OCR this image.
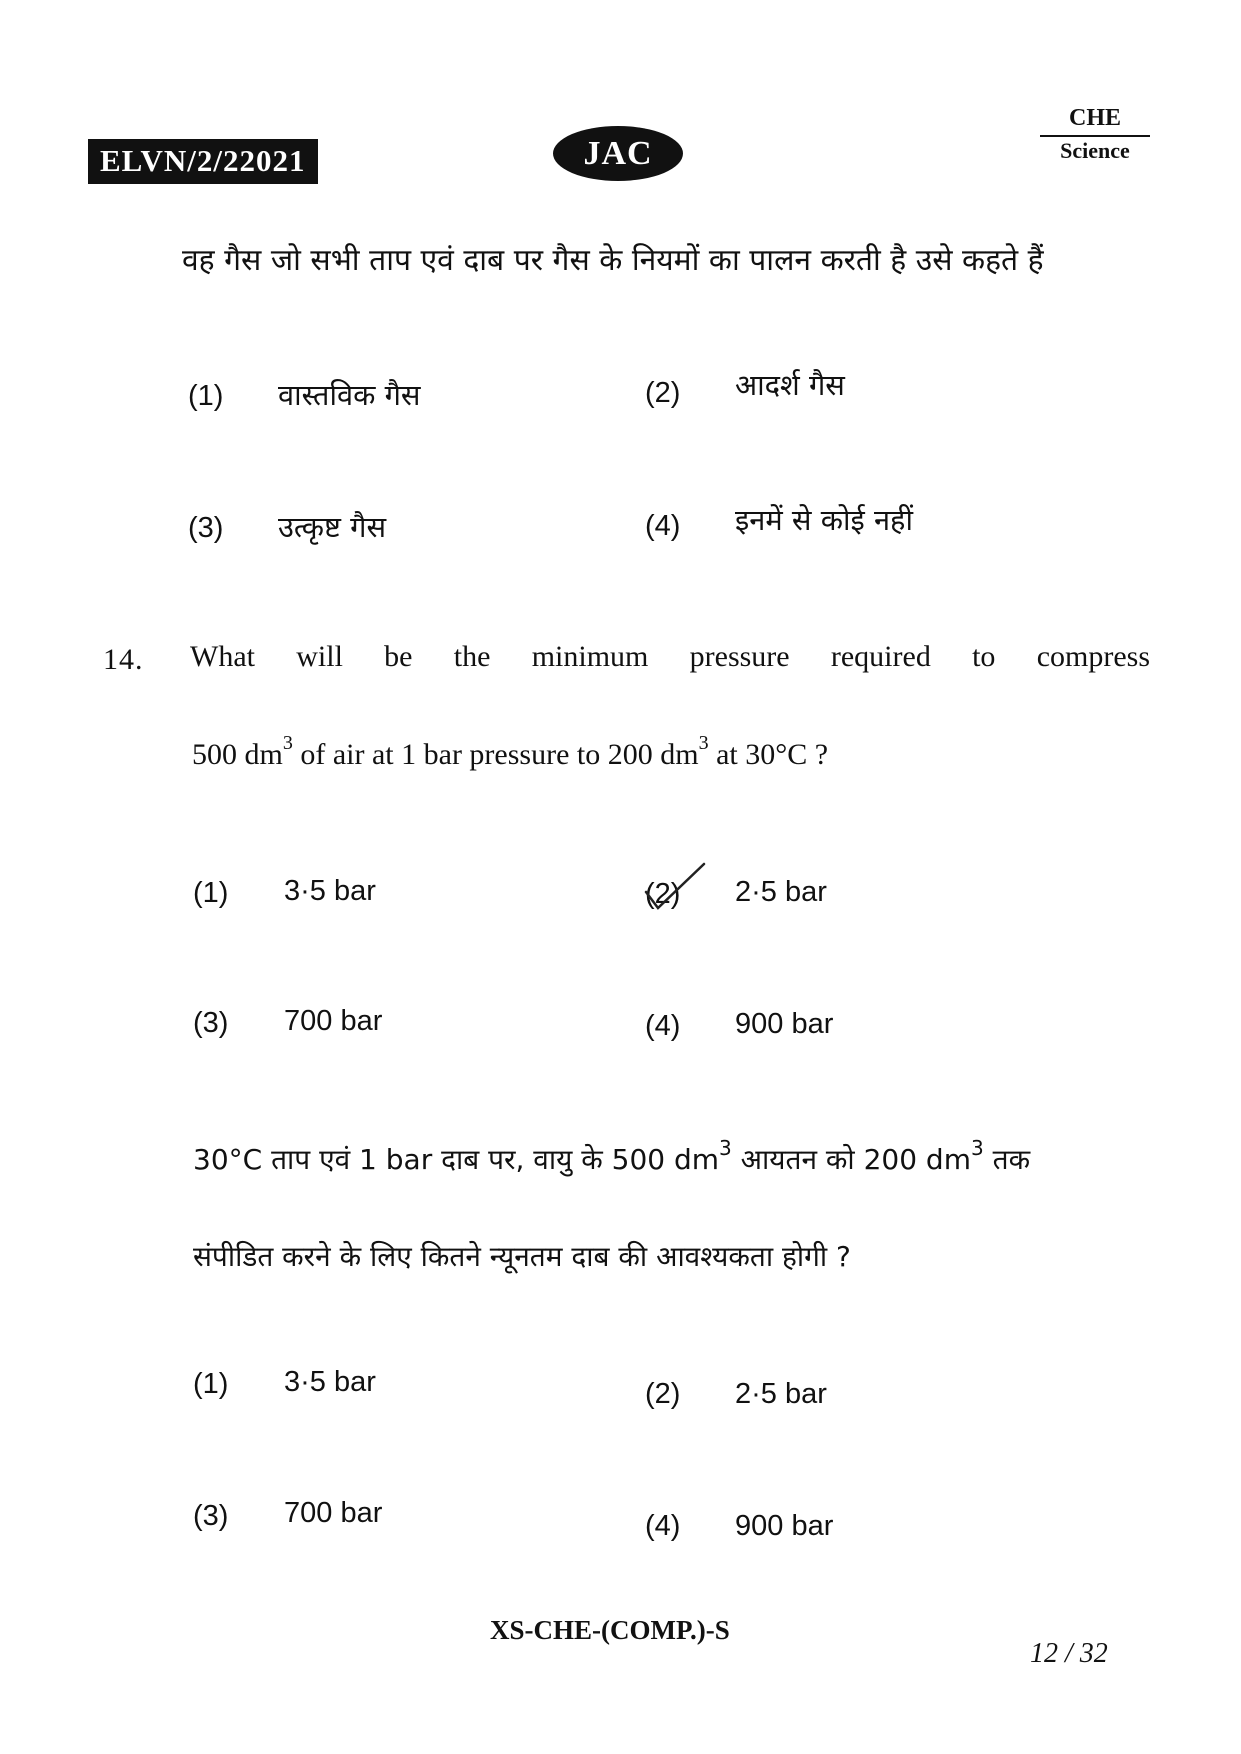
ELVN/2/22021	JAC
CHE
Science
वह गैस जो सभी ताप एवं दाब पर गैस के नियमों का पालन करती है उसे कहते हैं
(1) वास्तविक गैस	(2) आदर्श गैस
(3) उत्कृष्ट गैस	(4) इनमें से कोई नहीं
14. What will be the minimum pressure required to compress
500 $dm^3$ of air at 1 bar pressure to 200 $dm^3$ at 30°C ?
(1) 3·5 bar	(2) 2·5 bar
(3) 700 bar	(4) 900 bar
30°C ताप एवं 1 bar दाब पर, वायु के 500 $dm^3$ आयतन को 200 $dm^3$ तक
संपीडित करने के लिए कितने न्यूनतम दाब की आवश्यकता होगी ?
(1) 3·5 bar	(2) 2·5 bar
(3) 700 bar	(4) 900 bar
XS-CHE-(COMP.)-S
12 / 32
